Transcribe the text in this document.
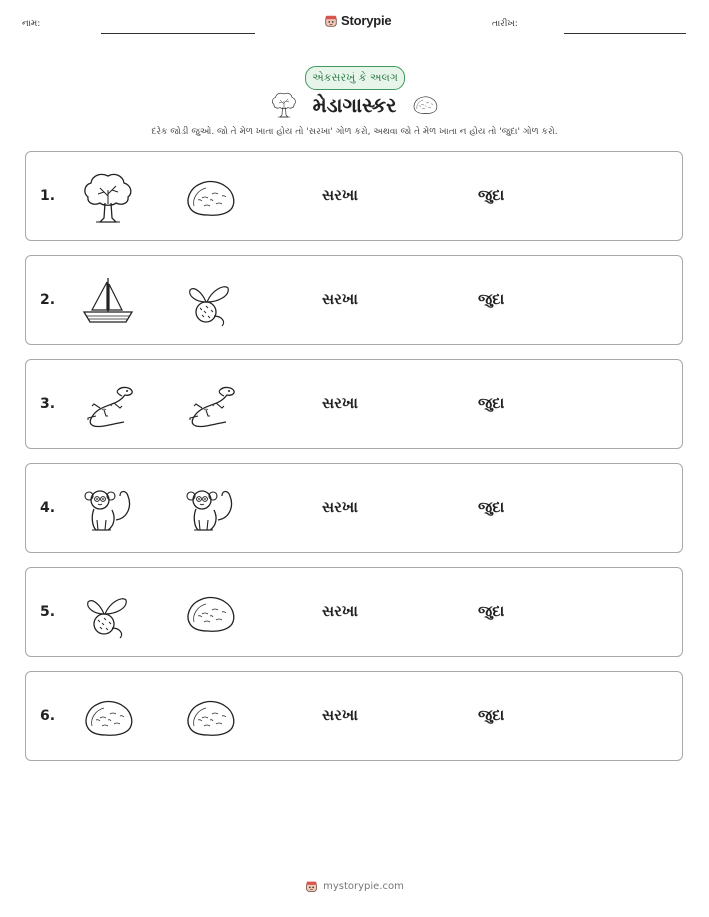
નામ:	Storypie	તારીખ:
એકસરખું કે અલગ
મેડાગાસ્કર
દરેક જોડી જુઓ. જો તે મેળ ખાતા હોય તો 'સરખા' ગોળ કરો, અથવા જો તે મેળ ખાતા ન હોય તો 'જુદા' ગોળ કરો.
1.	સરખા	જુદા
2.	સરખા	જુદા
3.	સરખા	જુદા
4.	સરખા	જુદા
5.	સરખા	જુદા
6.	સરખા	જુદા
mystorypie.com
